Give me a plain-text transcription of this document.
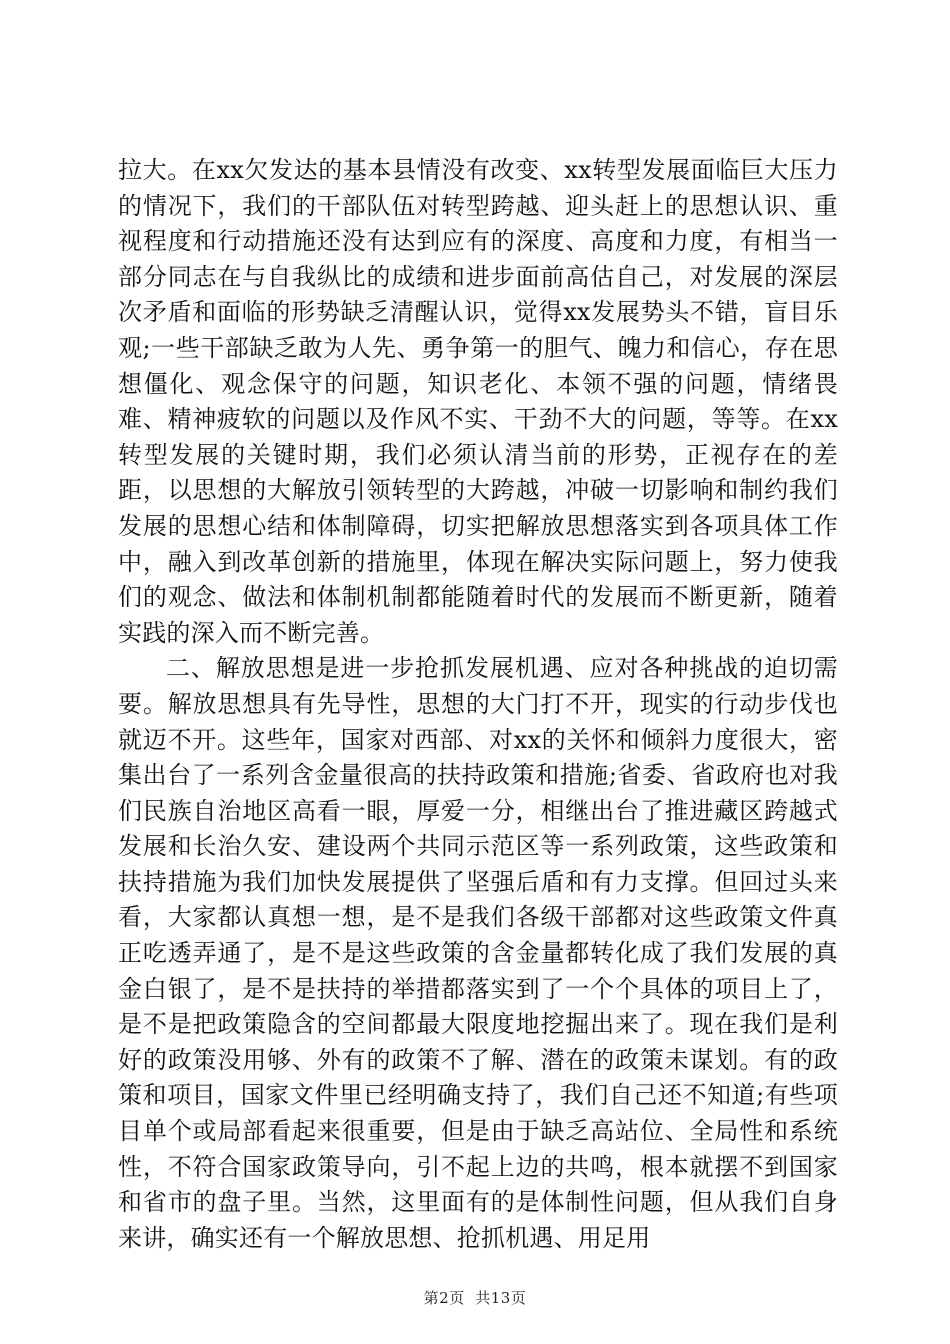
拉大。在xx欠发达的基本县情没有改变、xx转型发展面临巨大压力的情况下，我们的干部队伍对转型跨越、迎头赶上的思想认识、重视程度和行动措施还没有达到应有的深度、高度和力度，有相当一部分同志在与自我纵比的成绩和进步面前高估自己，对发展的深层次矛盾和面临的形势缺乏清醒认识，觉得xx发展势头不错，盲目乐观;一些干部缺乏敢为人先、勇争第一的胆气、魄力和信心，存在思想僵化、观念保守的问题，知识老化、本领不强的问题，情绪畏难、精神疲软的问题以及作风不实、干劲不大的问题，等等。在xx转型发展的关键时期，我们必须认清当前的形势，正视存在的差距，以思想的大解放引领转型的大跨越，冲破一切影响和制约我们发展的思想心结和体制障碍，切实把解放思想落实到各项具体工作中，融入到改革创新的措施里，体现在解决实际问题上，努力使我们的观念、做法和体制机制都能随着时代的发展而不断更新，随着实践的深入而不断完善。

二、解放思想是进一步抢抓发展机遇、应对各种挑战的迫切需要。解放思想具有先导性，思想的大门打不开，现实的行动步伐也就迈不开。这些年，国家对西部、对xx的关怀和倾斜力度很大，密集出台了一系列含金量很高的扶持政策和措施;省委、省政府也对我们民族自治地区高看一眼，厚爱一分，相继出台了推进藏区跨越式发展和长治久安、建设两个共同示范区等一系列政策，这些政策和扶持措施为我们加快发展提供了坚强后盾和有力支撑。但回过头来看，大家都认真想一想，是不是我们各级干部都对这些政策文件真正吃透弄通了，是不是这些政策的含金量都转化成了我们发展的真金白银了，是不是扶持的举措都落实到了一个个具体的项目上了，是不是把政策隐含的空间都最大限度地挖掘出来了。现在我们是利好的政策没用够、外有的政策不了解、潜在的政策未谋划。有的政策和项目，国家文件里已经明确支持了，我们自己还不知道;有些项目单个或局部看起来很重要，但是由于缺乏高站位、全局性和系统性，不符合国家政策导向，引不起上边的共鸣，根本就摆不到国家和省市的盘子里。当然，这里面有的是体制性问题，但从我们自身来讲，确实还有一个解放思想、抢抓机遇、用足用

第2页  共13页
